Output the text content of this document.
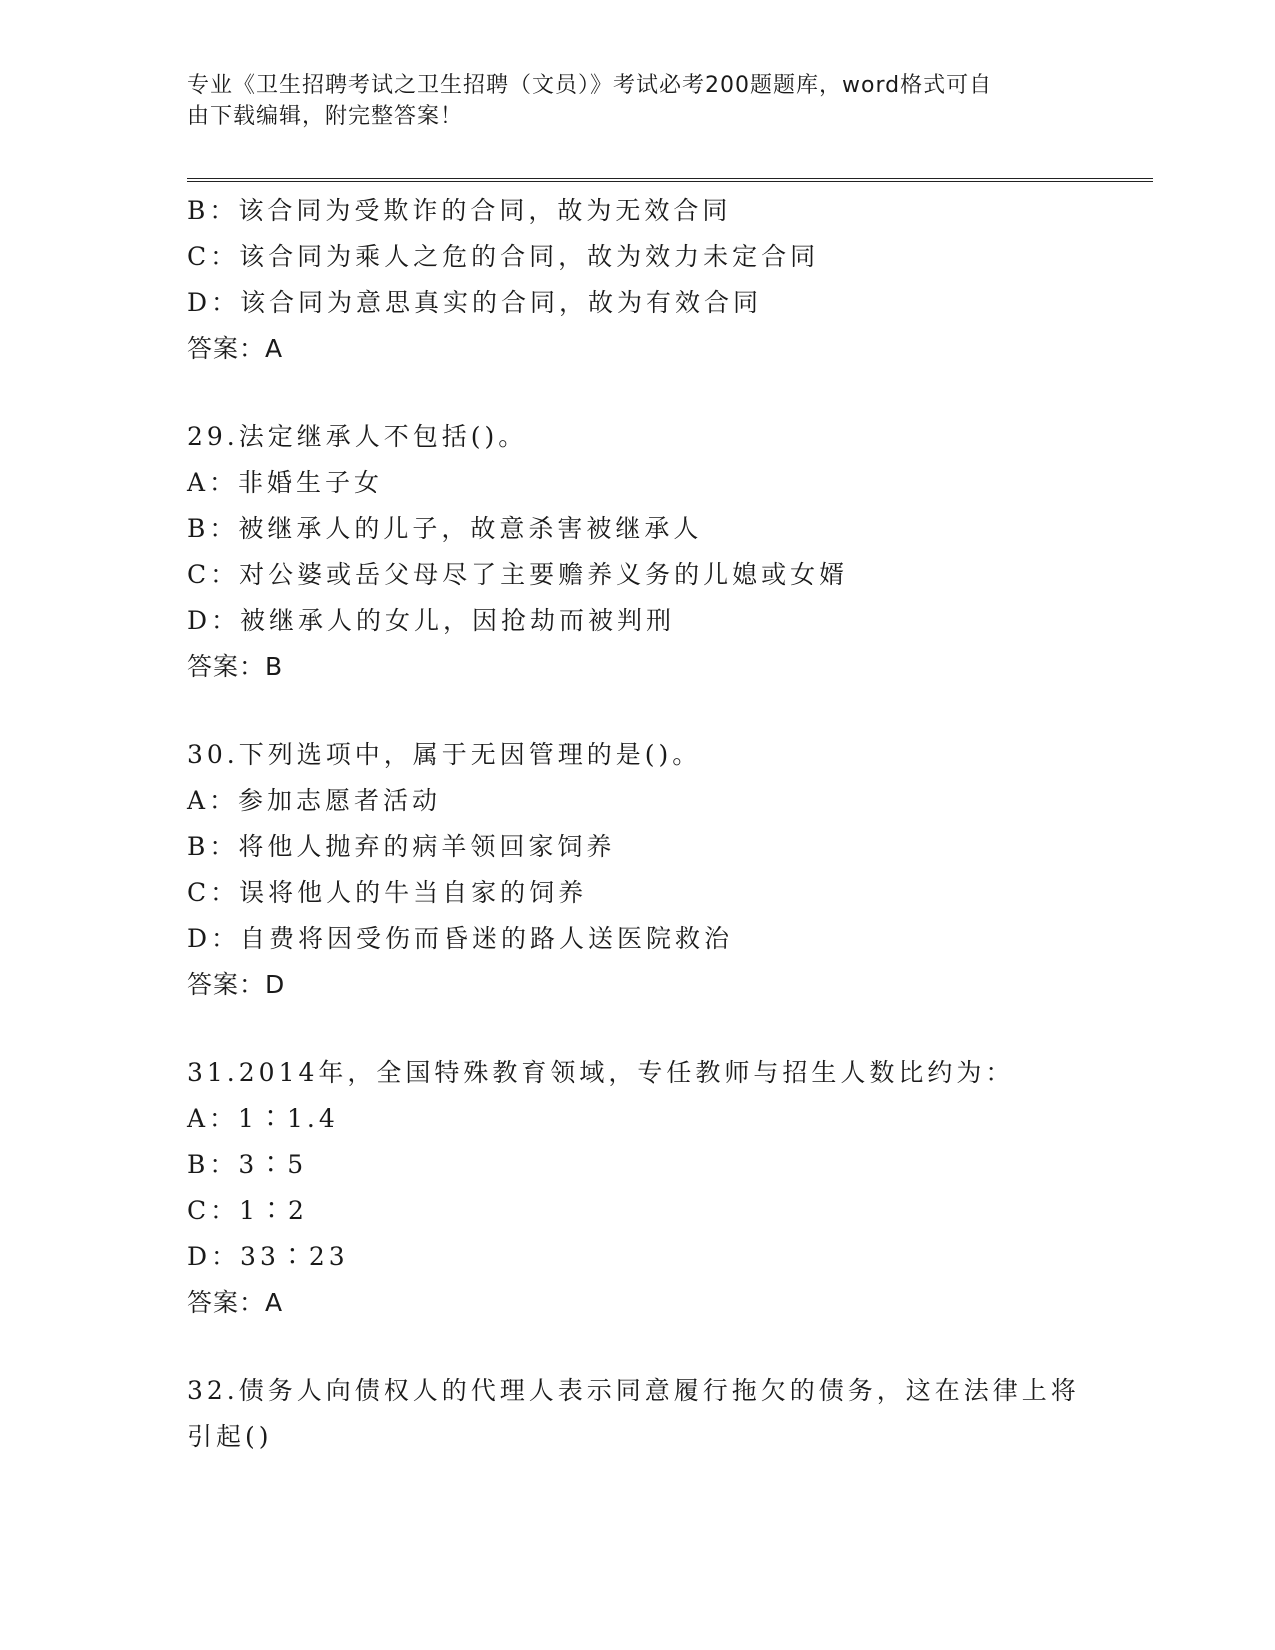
专业《卫生招聘考试之卫生招聘（文员）》考试必考200题题库，word格式可自
由下载编辑，附完整答案！
B：该合同为受欺诈的合同，故为无效合同
C：该合同为乘人之危的合同，故为效力未定合同
D：该合同为意思真实的合同，故为有效合同
答案：A
29.法定继承人不包括()。
A：非婚生子女
B：被继承人的儿子，故意杀害被继承人
C：对公婆或岳父母尽了主要赡养义务的儿媳或女婿
D：被继承人的女儿，因抢劫而被判刑
答案：B
30.下列选项中，属于无因管理的是()。
A：参加志愿者活动
B：将他人抛弃的病羊领回家饲养
C：误将他人的牛当自家的饲养
D：自费将因受伤而昏迷的路人送医院救治
答案：D
31.2014年，全国特殊教育领域，专任教师与招生人数比约为：
A：1∶1.4
B：3∶5
C：1∶2
D：33∶23
答案：A
32.债务人向债权人的代理人表示同意履行拖欠的债务，这在法律上将
引起()
